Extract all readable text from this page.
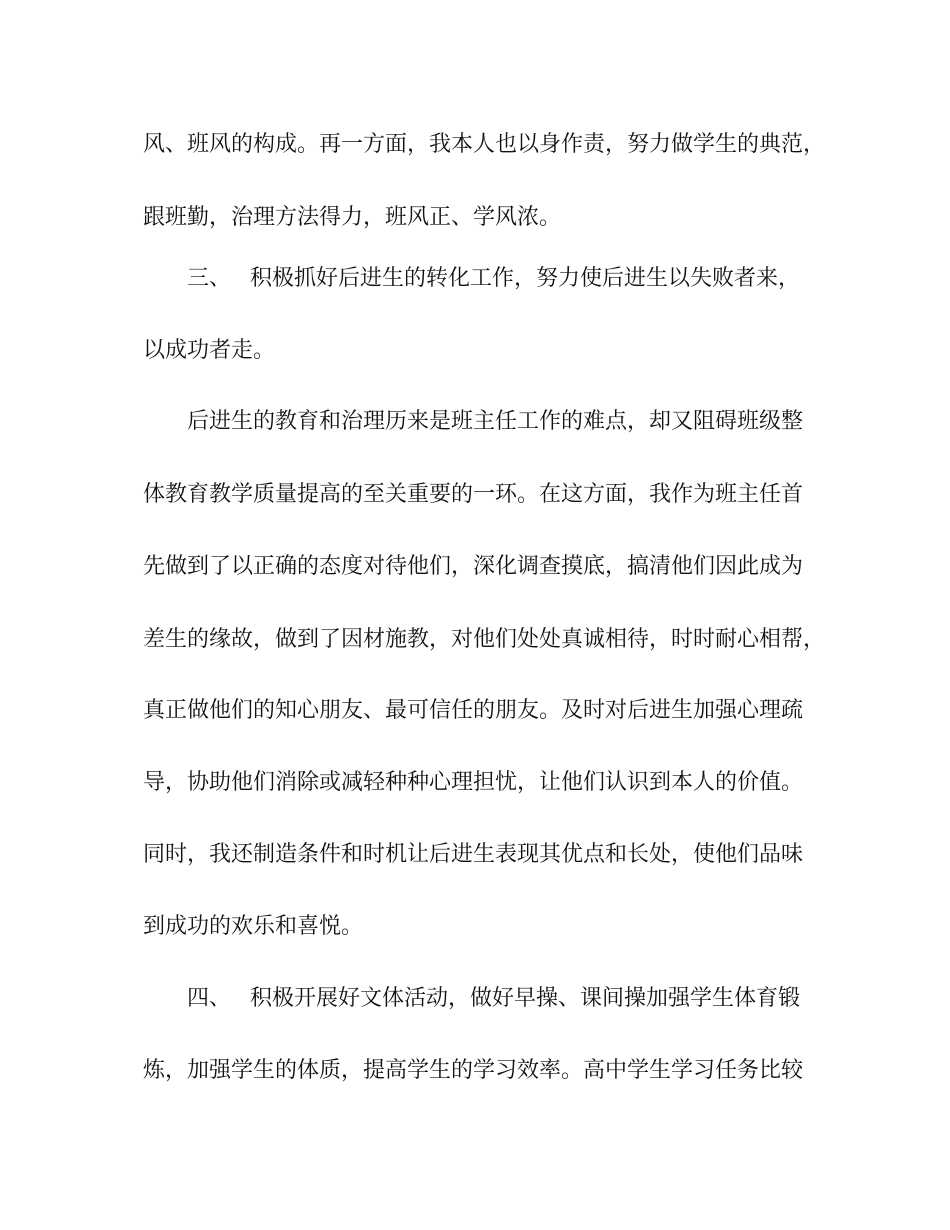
风、班风的构成。再一方面，我本人也以身作责，努力做学生的典范，
跟班勤，治理方法得力，班风正、学风浓。
三、 积极抓好后进生的转化工作，努力使后进生以失败者来，
以成功者走。
后进生的教育和治理历来是班主任工作的难点，却又阻碍班级整
体教育教学质量提高的至关重要的一环。在这方面，我作为班主任首
先做到了以正确的态度对待他们，深化调查摸底，搞清他们因此成为
差生的缘故，做到了因材施教，对他们处处真诚相待，时时耐心相帮，
真正做他们的知心朋友、最可信任的朋友。及时对后进生加强心理疏
导，协助他们消除或减轻种种心理担忧，让他们认识到本人的价值。
同时，我还制造条件和时机让后进生表现其优点和长处，使他们品味
到成功的欢乐和喜悦。
四、 积极开展好文体活动，做好早操、课间操加强学生体育锻
炼，加强学生的体质，提高学生的学习效率。高中学生学习任务比较
